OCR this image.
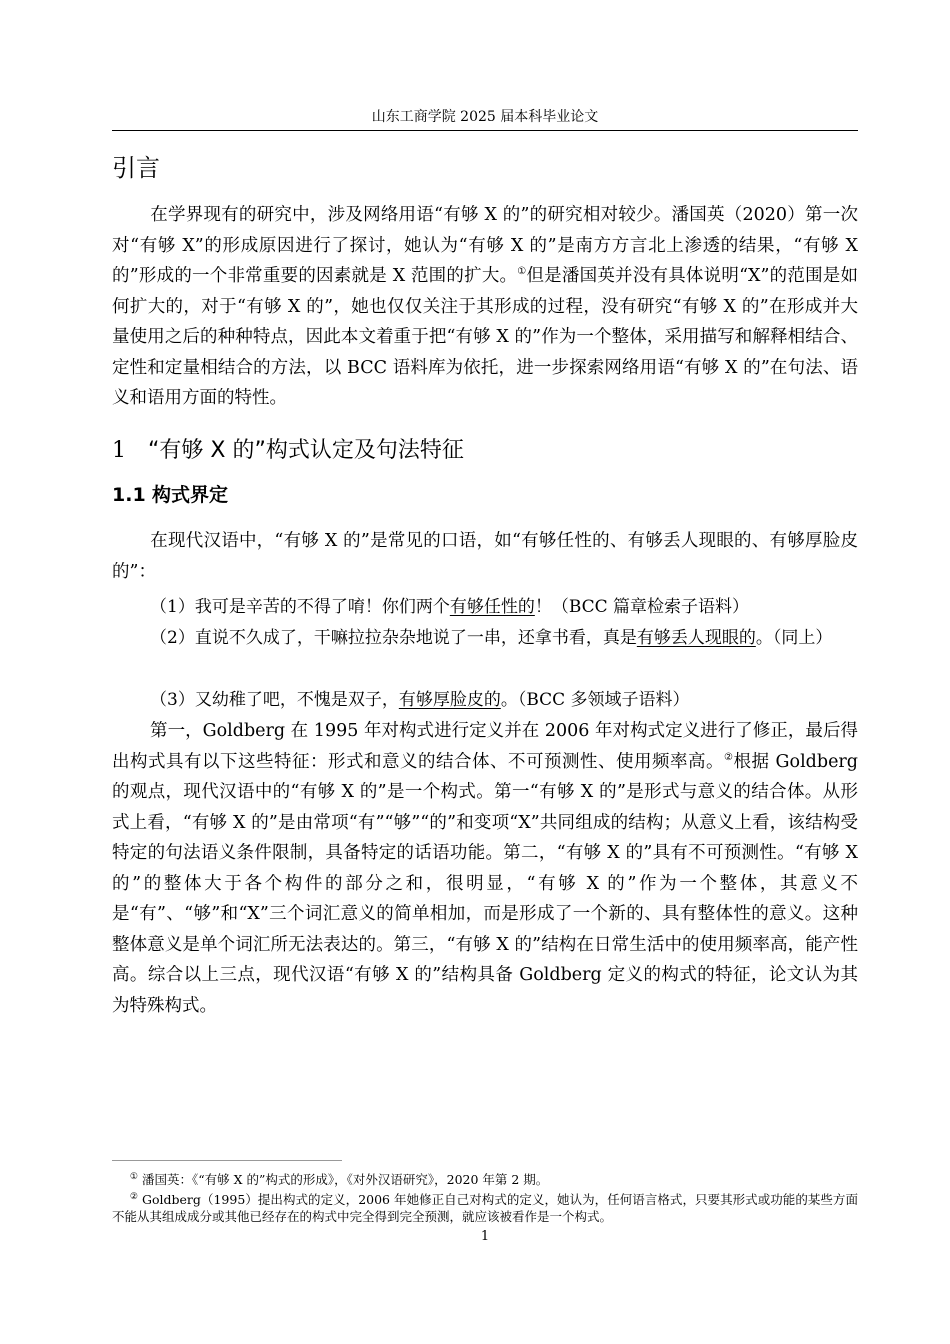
山东工商学院 2025 届本科毕业论文
引言
在学界现有的研究中，涉及网络用语“有够 X 的”的研究相对较少。潘国英（2020）第一次对“有够 X”的形成原因进行了探讨，她认为“有够 X 的”是南方方言北上渗透的结果，“有够 X 的”形成的一个非常重要的因素就是 X 范围的扩大。①但是潘国英并没有具体说明“X”的范围是如何扩大的，对于“有够 X 的”，她也仅仅关注于其形成的过程，没有研究“有够 X 的”在形成并大量使用之后的种种特点，因此本文着重于把“有够 X 的”作为一个整体，采用描写和解释相结合、定性和定量相结合的方法，以 BCC 语料库为依托，进一步探索网络用语“有够 X 的”在句法、语义和语用方面的特性。
1 “有够 X 的”构式认定及句法特征
1.1 构式界定
在现代汉语中，“有够 X 的”是常见的口语，如“有够任性的、有够丢人现眼的、有够厚脸皮的”：
（1）我可是辛苦的不得了唷！你们两个有够任性的！（BCC 篇章检索子语料）
（2）直说不久成了，干嘛拉拉杂杂地说了一串，还拿书看，真是有够丢人现眼的。（同上）
（3）又幼稚了吧，不愧是双子，有够厚脸皮的。（BCC 多领域子语料）
第一，Goldberg 在 1995 年对构式进行定义并在 2006 年对构式定义进行了修正，最后得出构式具有以下这些特征：形式和意义的结合体、不可预测性、使用频率高。②根据 Goldberg 的观点，现代汉语中的“有够 X 的”是一个构式。第一“有够 X 的”是形式与意义的结合体。从形式上看，“有够 X 的”是由常项“有”“够”“的”和变项“X”共同组成的结构；从意义上看，该结构受特定的句法语义条件限制，具备特定的话语功能。第二，“有够 X 的”具有不可预测性。“有够 X 的”的整体大于各个构件的部分之和，很明显，“有够 X 的”作为一个整体，其意义不是“有”、“够”和“X”三个词汇意义的简单相加，而是形成了一个新的、具有整体性的意义。这种整体意义是单个词汇所无法表达的。第三，“有够 X 的”结构在日常生活中的使用频率高，能产性高。综合以上三点，现代汉语“有够 X 的”结构具备 Goldberg 定义的构式的特征，论文认为其为特殊构式。
① 潘国英：《“有够 X 的”构式的形成》，《对外汉语研究》，2020 年第 2 期。
② Goldberg（1995）提出构式的定义，2006 年她修正自己对构式的定义，她认为，任何语言格式，只要其形式或功能的某些方面不能从其组成成分或其他已经存在的构式中完全得到完全预测，就应该被看作是一个构式。
1
